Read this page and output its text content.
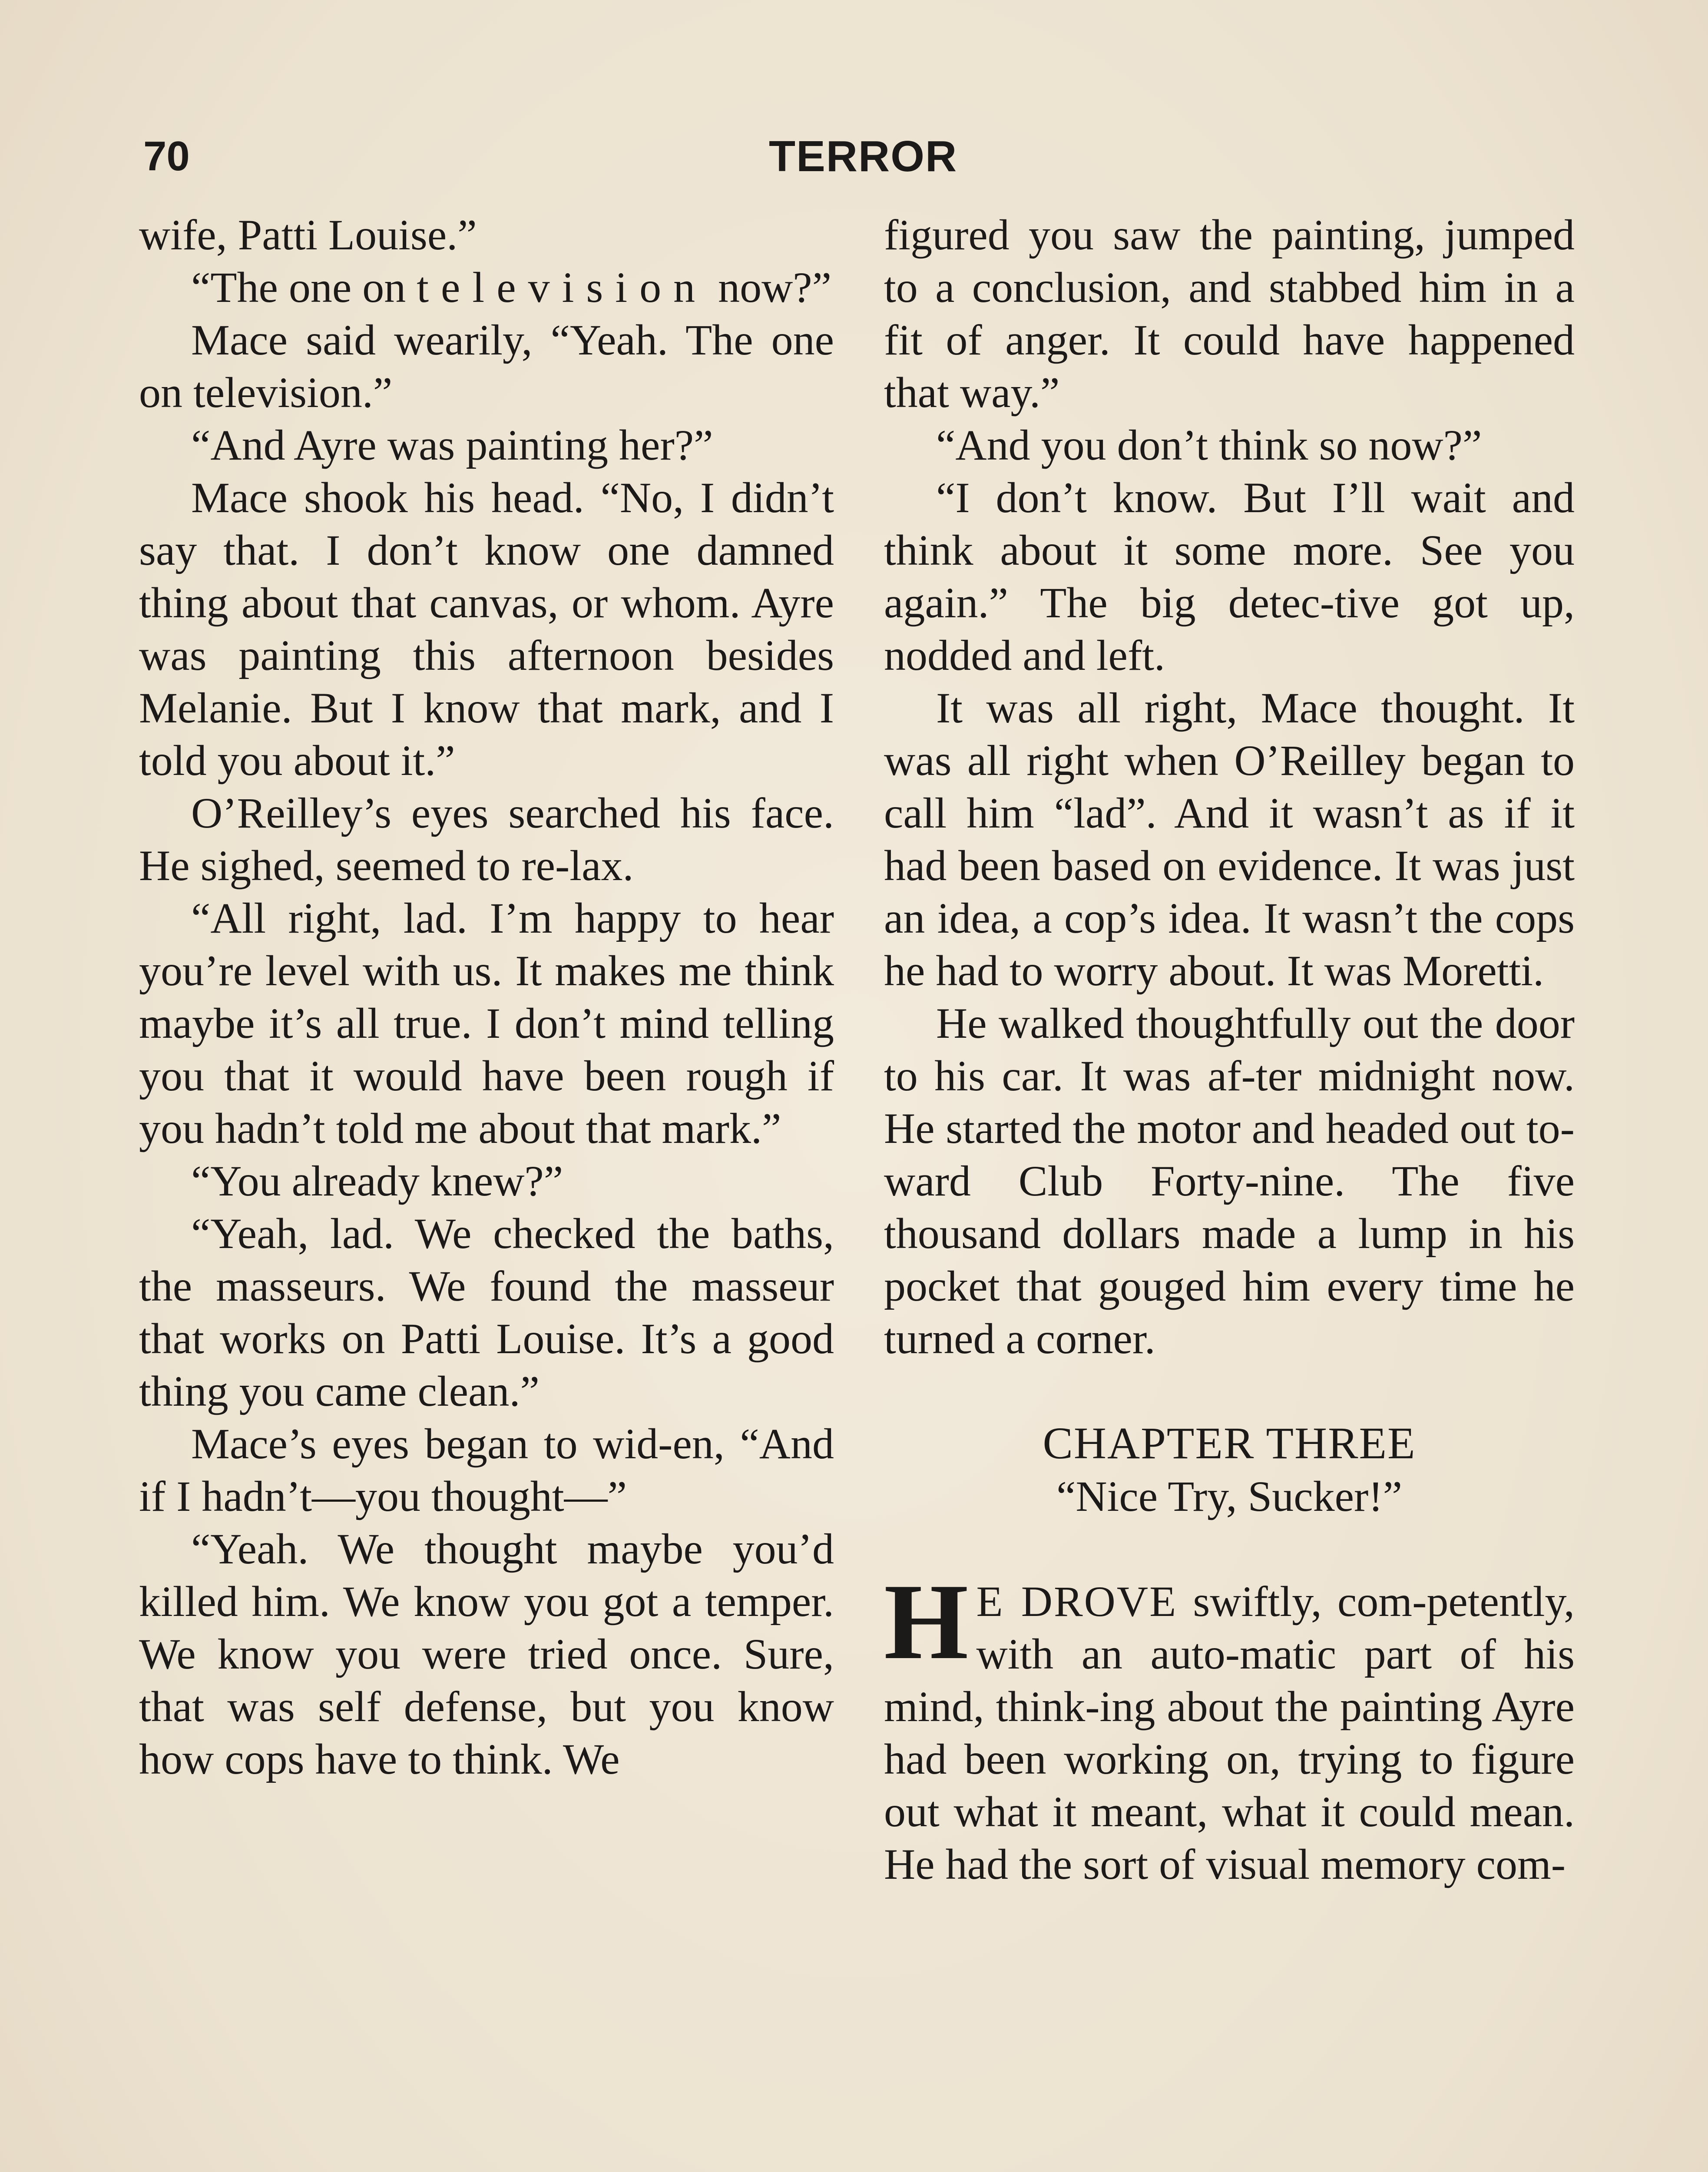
70	TERROR

wife, Patti Louise.”

“The one on television now?”

Mace said wearily, “Yeah. The one on television.”

“And Ayre was painting her?”

Mace shook his head. “No, I didn’t say that. I don’t know one damned thing about that canvas, or whom. Ayre was painting this afternoon besides Melanie. But I know that mark, and I told you about it.”

O’Reilley’s eyes searched his face. He sighed, seemed to re-lax.

“All right, lad. I’m happy to hear you’re level with us. It makes me think maybe it’s all true. I don’t mind telling you that it would have been rough if you hadn’t told me about that mark.”

“You already knew?”

“Yeah, lad. We checked the baths, the masseurs. We found the masseur that works on Patti Louise. It’s a good thing you came clean.”

Mace’s eyes began to wid-en, “And if I hadn’t—you thought—”

“Yeah. We thought maybe you’d killed him. We know you got a temper. We know you were tried once. Sure, that was self defense, but you know how cops have to think. We

figured you saw the painting, jumped to a conclusion, and stabbed him in a fit of anger. It could have happened that way.”

“And you don’t think so now?”

“I don’t know. But I’ll wait and think about it some more. See you again.” The big detec-tive got up, nodded and left.

It was all right, Mace thought. It was all right when O’Reilley began to call him “lad”. And it wasn’t as if it had been based on evidence. It was just an idea, a cop’s idea. It wasn’t the cops he had to worry about. It was Moretti.

He walked thoughtfully out the door to his car. It was af-ter midnight now. He started the motor and headed out to-ward Club Forty-nine. The five thousand dollars made a lump in his pocket that gouged him every time he turned a corner.

CHAPTER THREE
“Nice Try, Sucker!”

H E DROVE swiftly, com-petently, with an auto-matic part of his mind, think-ing about the painting Ayre had been working on, trying to figure out what it meant, what it could mean. He had the sort of visual memory com-
